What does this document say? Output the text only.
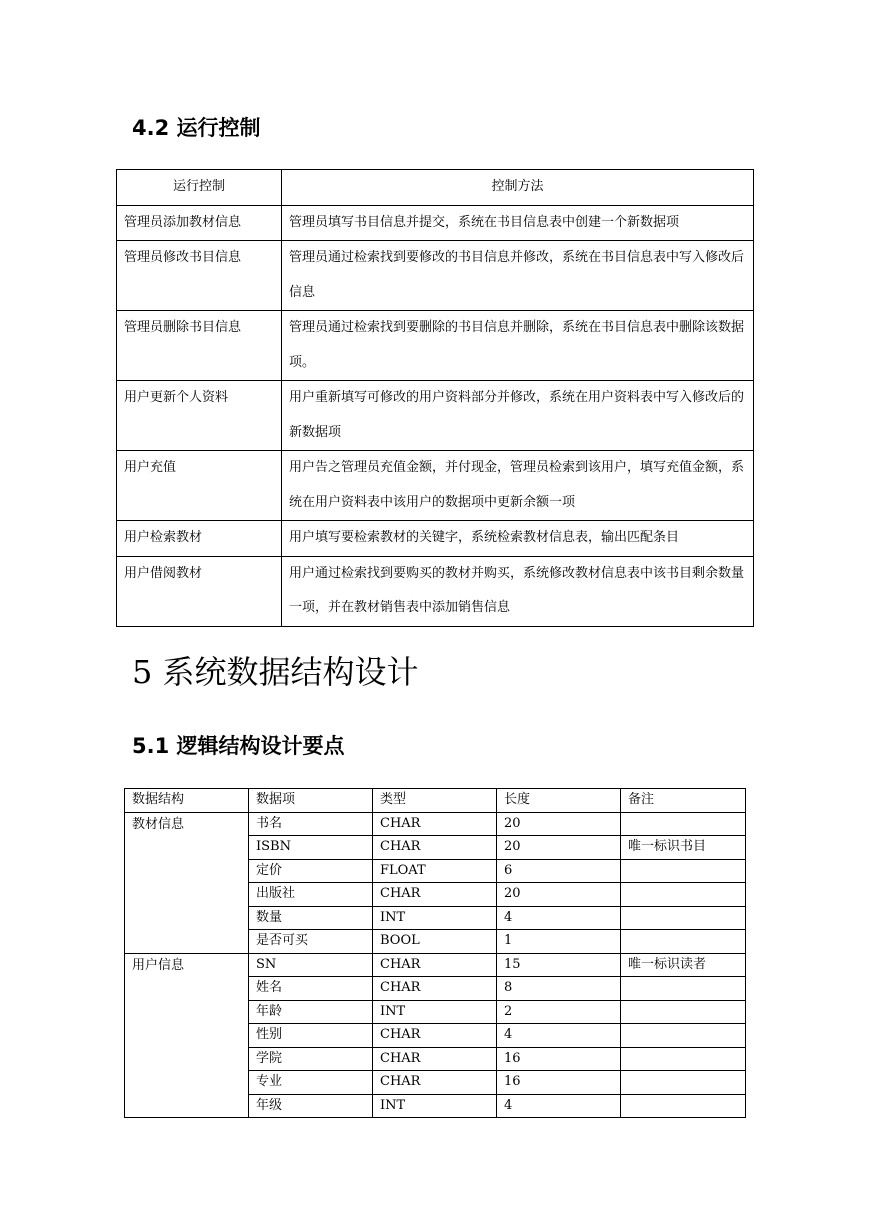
4.2 运行控制
运行控制	控制方法
管理员添加教材信息	管理员填写书目信息并提交，系统在书目信息表中创建一个新数据项
管理员修改书目信息	管理员通过检索找到要修改的书目信息并修改，系统在书目信息表中写入修改后信息
管理员删除书目信息	管理员通过检索找到要删除的书目信息并删除，系统在书目信息表中删除该数据项。
用户更新个人资料	用户重新填写可修改的用户资料部分并修改，系统在用户资料表中写入修改后的新数据项
用户充值	用户告之管理员充值金额，并付现金，管理员检索到该用户，填写充值金额，系统在用户资料表中该用户的数据项中更新余额一项
用户检索教材	用户填写要检索教材的关键字，系统检索教材信息表，输出匹配条目
用户借阅教材	用户通过检索找到要购买的教材并购买，系统修改教材信息表中该书目剩余数量一项，并在教材销售表中添加销售信息
5 系统数据结构设计
5.1 逻辑结构设计要点
数据结构	数据项	类型	长度	备注
教材信息	书名	CHAR	20	
	ISBN	CHAR	20	唯一标识书目
	定价	FLOAT	6	
	出版社	CHAR	20	
	数量	INT	4	
	是否可买	BOOL	1	
用户信息	SN	CHAR	15	唯一标识读者
	姓名	CHAR	8	
	年龄	INT	2	
	性别	CHAR	4	
	学院	CHAR	16	
	专业	CHAR	16	
	年级	INT	4	
